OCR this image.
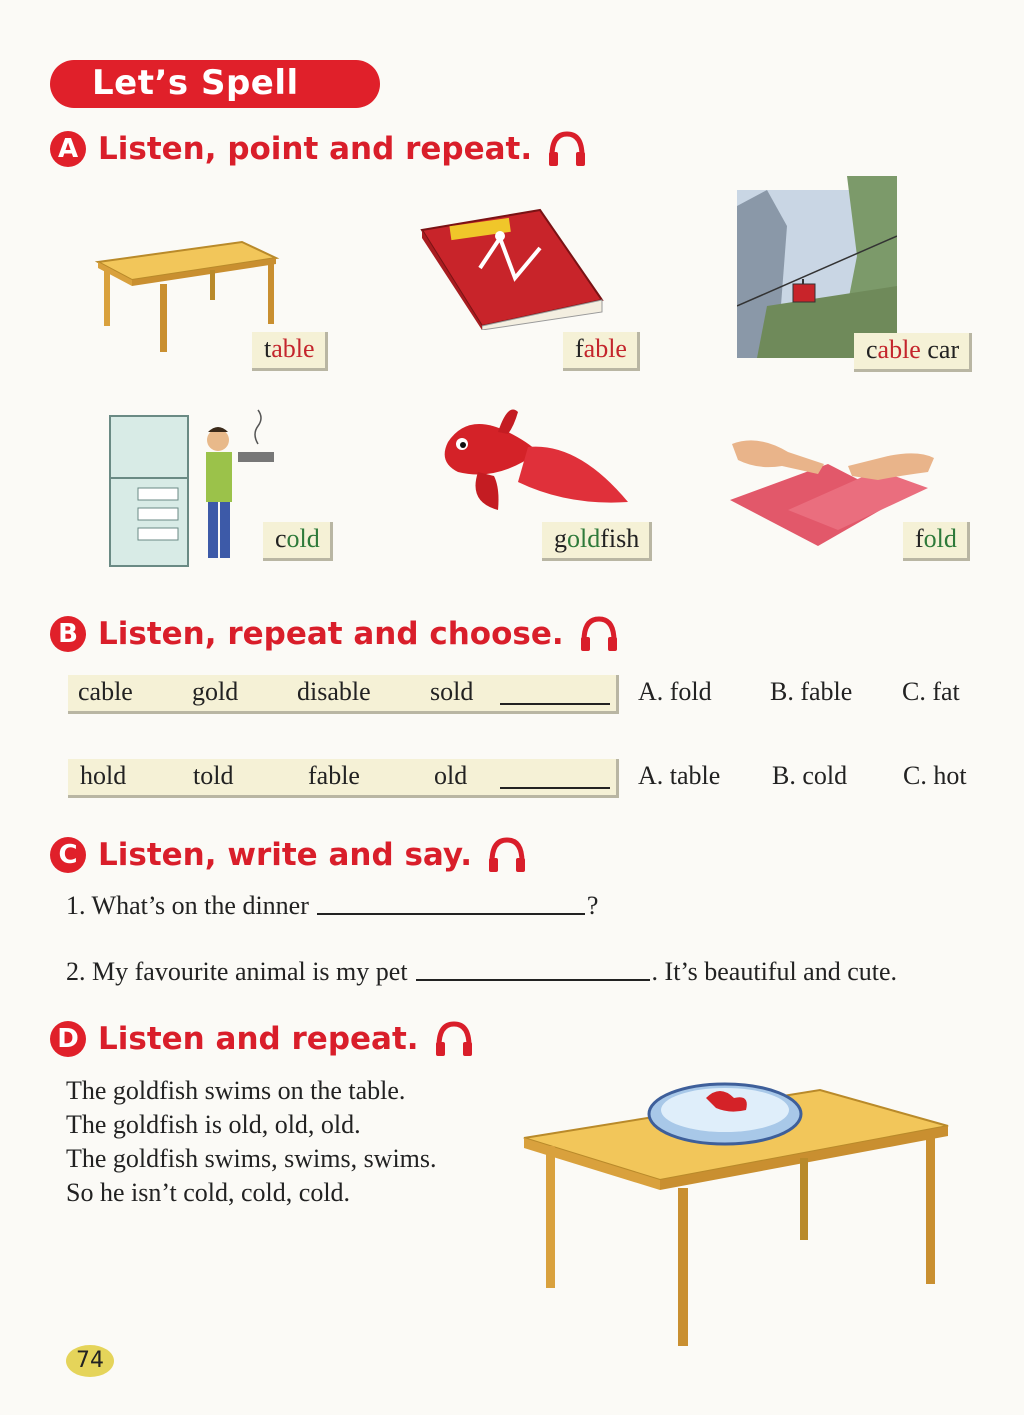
Let’s Spell
A Listen, point and repeat.
table	fable	cable car
cold	goldfish	fold
B Listen, repeat and choose.
cable gold disable sold	A. fold B. fable C. fat
hold	told	fable	old	A. table B. cold C. hot
C Listen, write and say.
1. What’s on the dinner	?
2. My favourite animal is my pet	. It’s beautiful and cute.
D Listen and repeat.
The goldfish swims on the table.
The goldfish is old, old, old.
The goldfish swims, swims, swims.
So he isn’t cold, cold, cold.
74
